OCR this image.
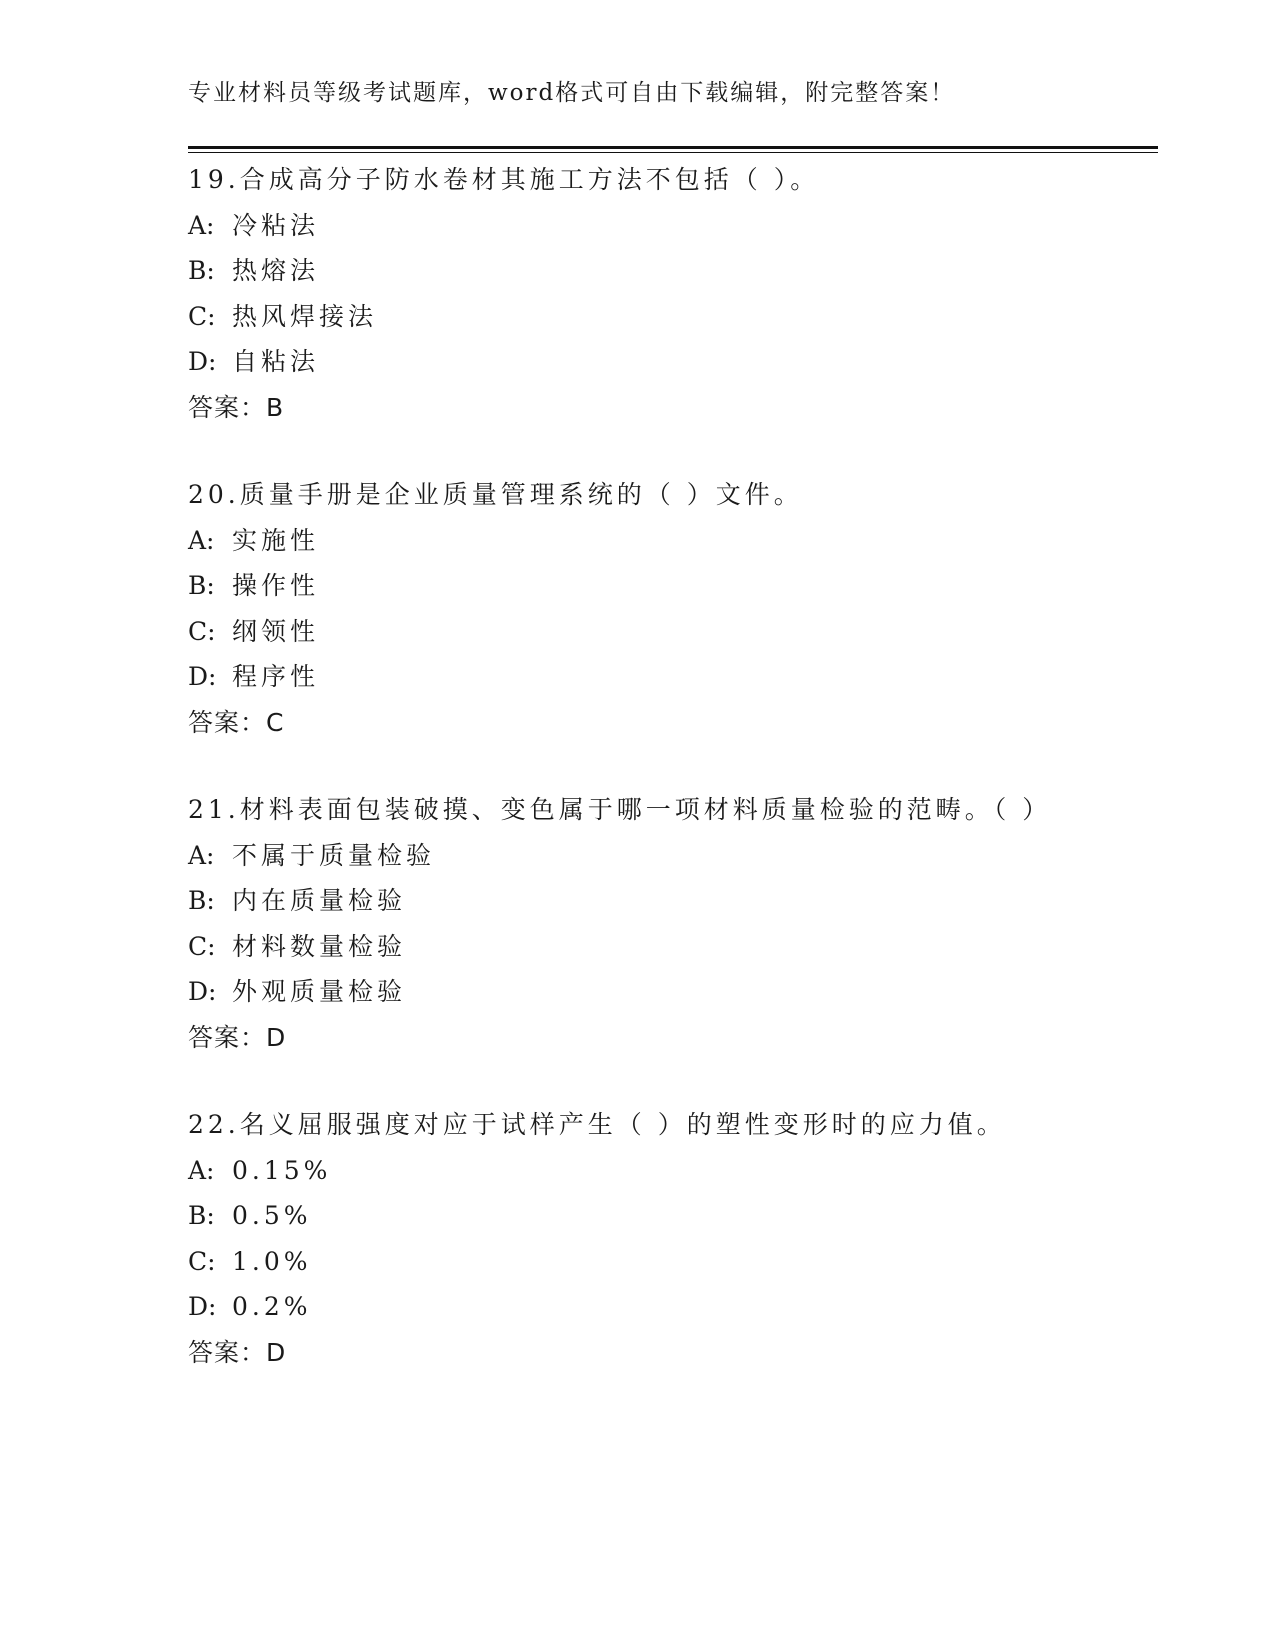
专业材料员等级考试题库，word格式可自由下载编辑，附完整答案！
19.合成高分子防水卷材其施工方法不包括（ ）。
A: 冷粘法
B: 热熔法
C: 热风焊接法
D: 自粘法
答案：B
20.质量手册是企业质量管理系统的（ ）文件。
A: 实施性
B: 操作性
C: 纲领性
D: 程序性
答案：C
21.材料表面包装破摸、变色属于哪一项材料质量检验的范畴。（ ）
A: 不属于质量检验
B: 内在质量检验
C: 材料数量检验
D: 外观质量检验
答案：D
22.名义屈服强度对应于试样产生（ ）的塑性变形时的应力值。
A: 0.15%
B: 0.5%
C: 1.0%
D: 0.2%
答案：D
